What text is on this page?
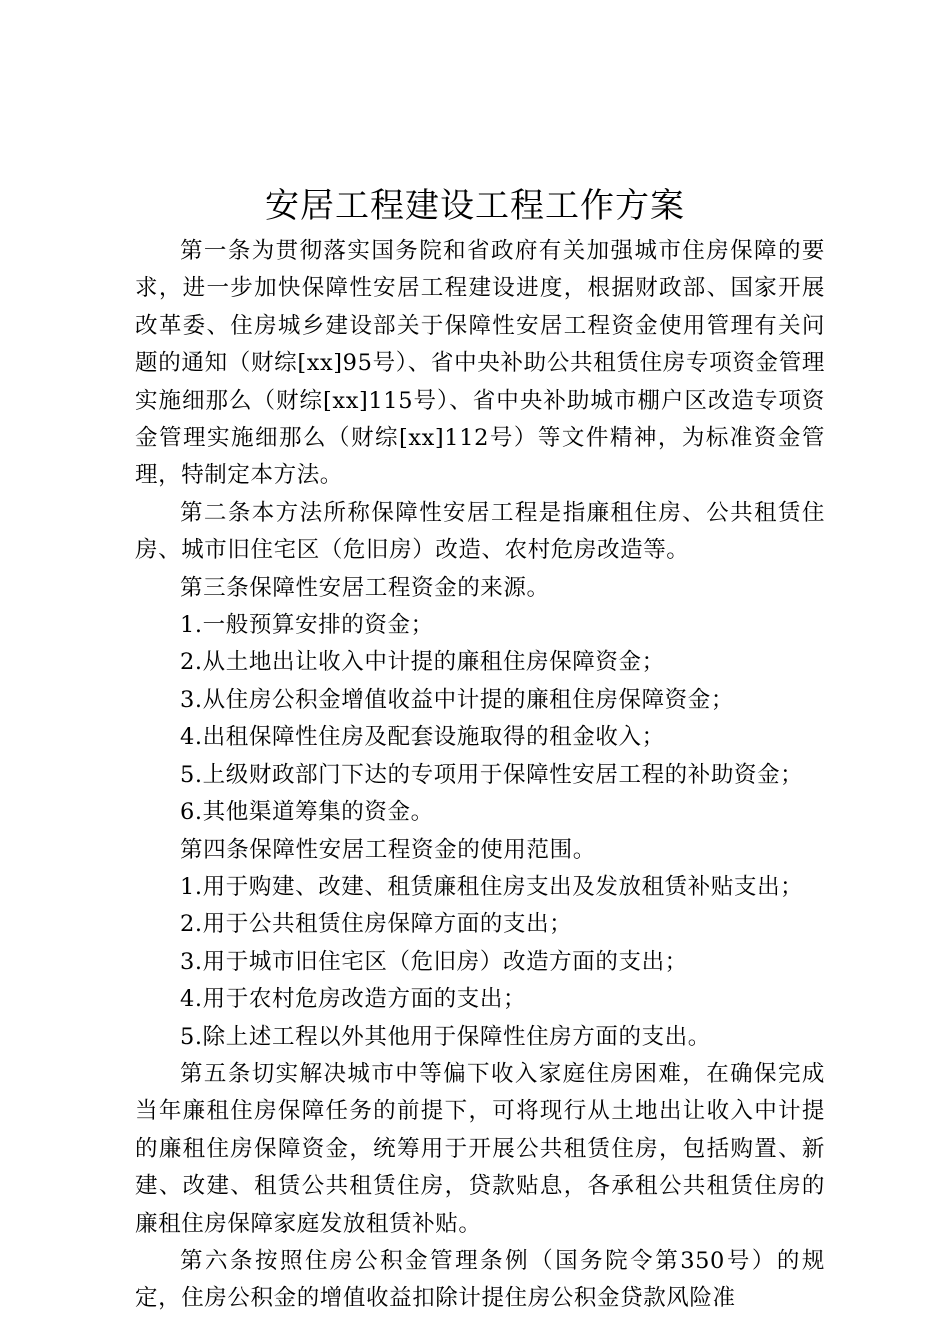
安居工程建设工程工作方案

第一条为贯彻落实国务院和省政府有关加强城市住房保障的要求，进一步加快保障性安居工程建设进度，根据财政部、国家开展改革委、住房城乡建设部关于保障性安居工程资金使用管理有关问题的通知（财综[xx]95号）、省中央补助公共租赁住房专项资金管理实施细那么（财综[xx]115号）、省中央补助城市棚户区改造专项资金管理实施细那么（财综[xx]112号）等文件精神，为标准资金管理，特制定本方法。

第二条本方法所称保障性安居工程是指廉租住房、公共租赁住房、城市旧住宅区（危旧房）改造、农村危房改造等。

第三条保障性安居工程资金的来源。

1.一般预算安排的资金；

2.从土地出让收入中计提的廉租住房保障资金；

3.从住房公积金增值收益中计提的廉租住房保障资金；

4.出租保障性住房及配套设施取得的租金收入；

5.上级财政部门下达的专项用于保障性安居工程的补助资金；

6.其他渠道筹集的资金。

第四条保障性安居工程资金的使用范围。

1.用于购建、改建、租赁廉租住房支出及发放租赁补贴支出；

2.用于公共租赁住房保障方面的支出；

3.用于城市旧住宅区（危旧房）改造方面的支出；

4.用于农村危房改造方面的支出；

5.除上述工程以外其他用于保障性住房方面的支出。

第五条切实解决城市中等偏下收入家庭住房困难，在确保完成当年廉租住房保障任务的前提下，可将现行从土地出让收入中计提的廉租住房保障资金，统筹用于开展公共租赁住房，包括购置、新建、改建、租赁公共租赁住房，贷款贴息，各承租公共租赁住房的廉租住房保障家庭发放租赁补贴。

第六条按照住房公积金管理条例（国务院令第350号）的规定，住房公积金的增值收益扣除计提住房公积金贷款风险准
